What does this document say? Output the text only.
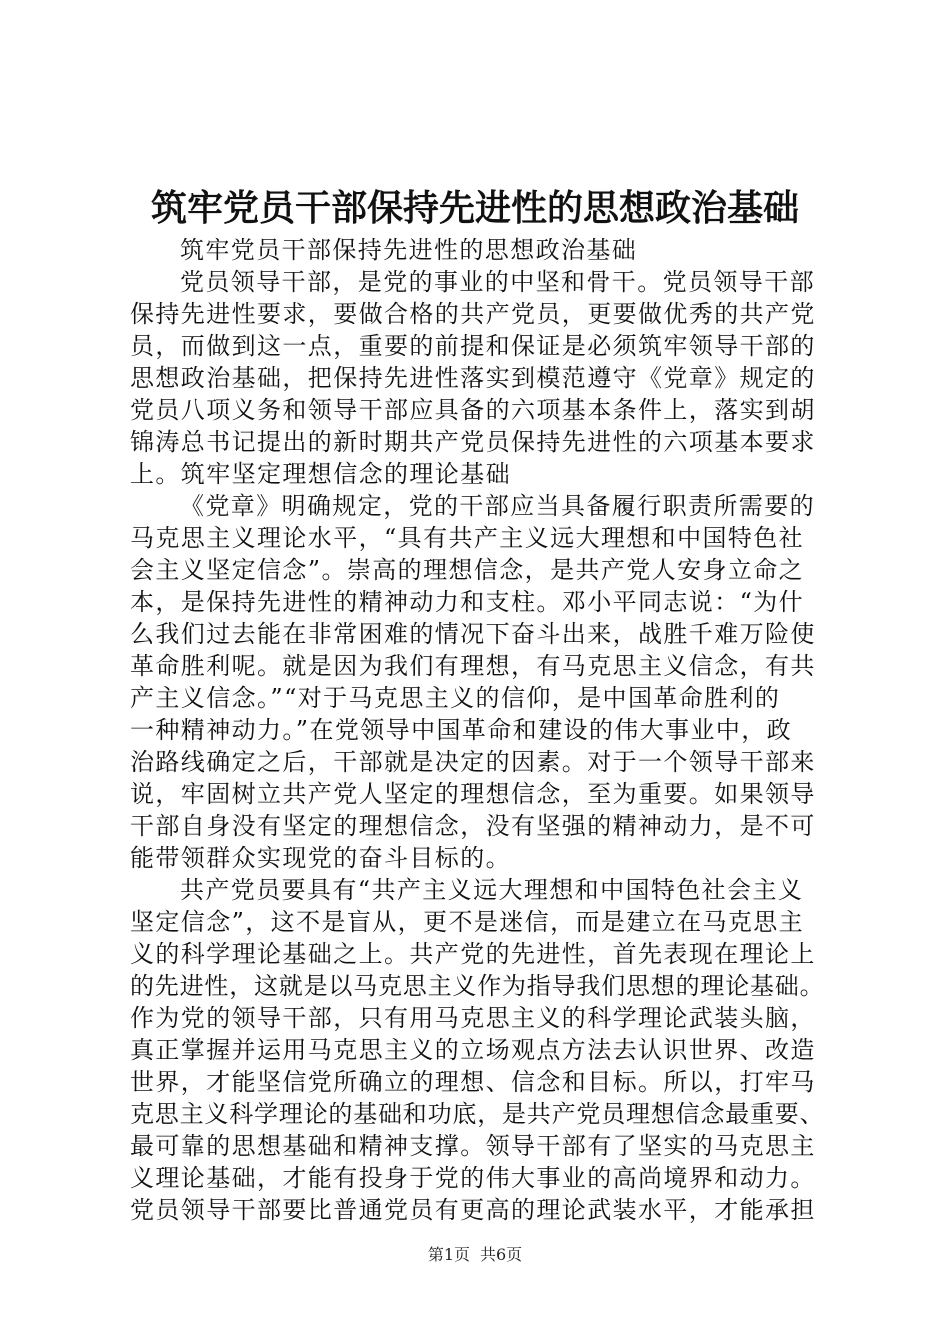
筑牢党员干部保持先进性的思想政治基础
筑牢党员干部保持先进性的思想政治基础
党员领导干部，是党的事业的中坚和骨干。党员领导干部
保持先进性要求，要做合格的共产党员，更要做优秀的共产党
员，而做到这一点，重要的前提和保证是必须筑牢领导干部的
思想政治基础，把保持先进性落实到模范遵守《党章》规定的
党员八项义务和领导干部应具备的六项基本条件上，落实到胡
锦涛总书记提出的新时期共产党员保持先进性的六项基本要求
上。筑牢坚定理想信念的理论基础
《党章》明确规定，党的干部应当具备履行职责所需要的
马克思主义理论水平，“具有共产主义远大理想和中国特色社
会主义坚定信念”。崇高的理想信念，是共产党人安身立命之
本，是保持先进性的精神动力和支柱。邓小平同志说：“为什
么我们过去能在非常困难的情况下奋斗出来，战胜千难万险使
革命胜利呢。就是因为我们有理想，有马克思主义信念，有共
产主义信念。”“对于马克思主义的信仰，是中国革命胜利的
一种精神动力。”在党领导中国革命和建设的伟大事业中，政
治路线确定之后，干部就是决定的因素。对于一个领导干部来
说，牢固树立共产党人坚定的理想信念，至为重要。如果领导
干部自身没有坚定的理想信念，没有坚强的精神动力，是不可
能带领群众实现党的奋斗目标的。
共产党员要具有“共产主义远大理想和中国特色社会主义
坚定信念”，这不是盲从，更不是迷信，而是建立在马克思主
义的科学理论基础之上。共产党的先进性，首先表现在理论上
的先进性，这就是以马克思主义作为指导我们思想的理论基础。
作为党的领导干部，只有用马克思主义的科学理论武装头脑，
真正掌握并运用马克思主义的立场观点方法去认识世界、改造
世界，才能坚信党所确立的理想、信念和目标。所以，打牢马
克思主义科学理论的基础和功底，是共产党员理想信念最重要、
最可靠的思想基础和精神支撑。领导干部有了坚实的马克思主
义理论基础，才能有投身于党的伟大事业的高尚境界和动力。
党员领导干部要比普通党员有更高的理论武装水平，才能承担
第1页 共6页
